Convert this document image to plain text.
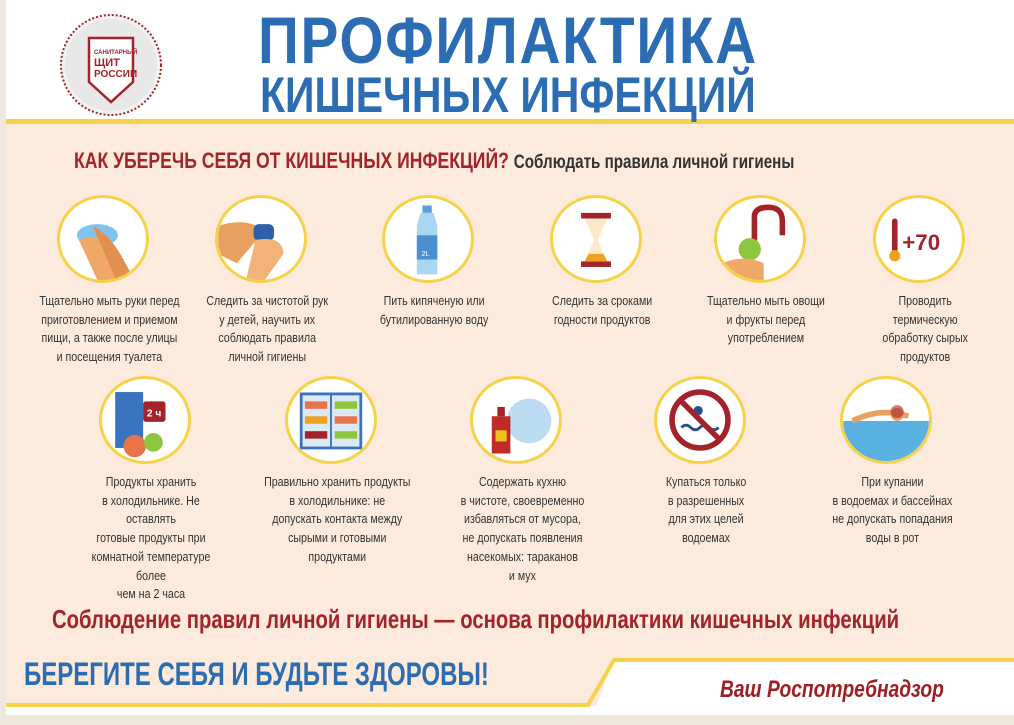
САНИТАРНЫЙ
ЩИТ
РОССИИ ПРОФИЛАКТИКА
КИШЕЧНЫХ ИНФЕКЦИЙ
КАК УБЕРЕЧЬ СЕБЯ ОТ КИШЕЧНЫХ ИНФЕКЦИЙ? Соблюдать правила личной гигиены
2L	+70
Тщательно мыть руки перед
приготовлением и приемом
пищи, а также после улицы
и посещения туалета
Следить за чистотой рук
у детей, научить их
соблюдать правила
личной гигиены
Пить кипяченую или
бутилированную воду
Следить за сроками
годности продуктов
Тщательно мыть овощи
и фрукты перед
употреблением
Проводить
термическую
обработку сырых
продуктов
2 ч
Продукты хранить
в холодильнике. Не оставлять
готовые продукты при
комнатной температуре более
чем на 2 часа
Правильно хранить продукты
в холодильнике: не
допускать контакта между
сырыми и готовыми
продуктами
Содержать кухню
в чистоте, своевременно
избавляться от мусора,
не допускать появления
насекомых: тараканов
и мух
Купаться только
в разрешенных
для этих целей
водоемах
При купании
в водоемах и бассейнах
не допускать попадания
воды в рот
Соблюдение правил личной гигиены — основа профилактики кишечных инфекций
БЕРЕГИТЕ СЕБЯ И БУДЬТЕ ЗДОРОВЫ!	Ваш Роспотребнадзор
